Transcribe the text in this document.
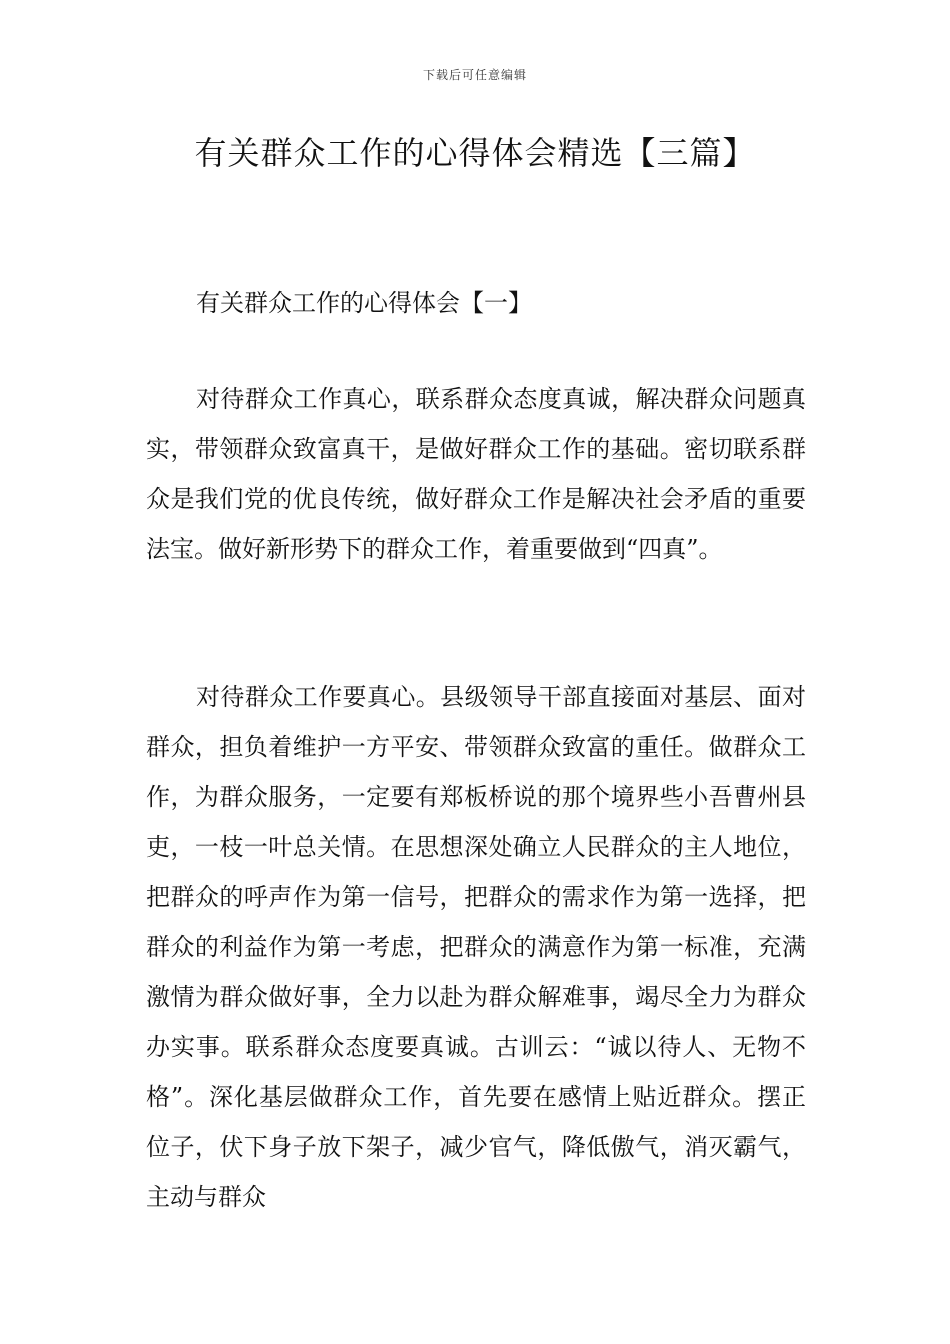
下载后可任意编辑
有关群众工作的心得体会精选【三篇】
有关群众工作的心得体会【一】

对待群众工作真心，联系群众态度真诚，解决群众问题真实，带领群众致富真干，是做好群众工作的基础。密切联系群众是我们党的优良传统，做好群众工作是解决社会矛盾的重要法宝。做好新形势下的群众工作，着重要做到“四真”。

对待群众工作要真心。县级领导干部直接面对基层、面对群众，担负着维护一方平安、带领群众致富的重任。做群众工作，为群众服务，一定要有郑板桥说的那个境界些小吾曹州县吏，一枝一叶总关情。在思想深处确立人民群众的主人地位，把群众的呼声作为第一信号，把群众的需求作为第一选择，把群众的利益作为第一考虑，把群众的满意作为第一标准，充满激情为群众做好事，全力以赴为群众解难事，竭尽全力为群众办实事。联系群众态度要真诚。古训云：“诚以待人、无物不格”。深化基层做群众工作，首先要在感情上贴近群众。摆正位子，伏下身子放下架子，减少官气，降低傲气，消灭霸气，主动与群众
